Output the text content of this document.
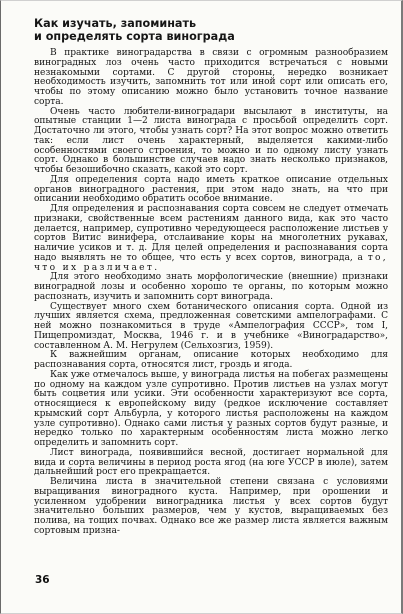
Как изучать, запоминать
и определять сорта винограда

В практике виноградарства в связи с огромным разнообразием виноградных лоз очень часто приходится встречаться с новыми незнакомыми сортами. С другой стороны, нередко возникает необходимость изучить, запомнить тот или иной сорт или описать его, чтобы по этому описанию можно было установить точное название сорта.

Очень часто любители-виноградари высылают в институты, на опытные станции 1—2 листа винограда с просьбой определить сорт. Достаточно ли этого, чтобы узнать сорт? На этот вопрос можно ответить так: если лист очень характерный, выделяется какими-либо особенностями своего строения, то можно и по одному листу узнать сорт. Однако в большинстве случаев надо знать несколько признаков, чтобы безошибочно сказать, какой это сорт.

Для определения сорта надо иметь краткое описание отдельных органов виноградного растения, при этом надо знать, на что при описании необходимо обратить особое внимание.

Для определения и распознавания сорта совсем не следует отмечать признаки, свойственные всем растениям данного вида, как это часто делается, например, супротивно чередующееся расположение листьев у сортов Витис винифера, отслаивание коры на многолетних рукавах, наличие усиков и т. д. Для целей определения и распознавания сорта надо выявлять не то общее, что есть у всех сортов, винограда, а то, что их различает.

Для этого необходимо знать морфологические (внешние) признаки виноградной лозы и особенно хорошо те органы, по которым можно распознать, изучить и запомнить сорт винограда.

Существует много схем ботанического описания сорта. Одной из лучших является схема, предложенная советскими ампелографами. С ней можно познакомиться в труде «Ампелография СССР», том I, Пищепромиздат, Москва, 1946 г. и в учебнике «Виноградарство», составленном А. М. Негрулем (Сельхозгиз, 1959).

К важнейшим органам, описание которых необходимо для распознавания сорта, относятся лист, гроздь и ягода.

Как уже отмечалось выше, у винограда листья на побегах размещены по одному на каждом узле супротивно. Против листьев на узлах могут быть соцветия или усики. Эти особенности характеризуют все сорта, относящиеся к европейскому виду (редкое исключение составляет крымский сорт Альбурла, у которого листья расположены на каждом узле супротивно). Однако сами листья у разных сортов будут разные, и нередко только по характерным особенностям листа можно легко определить и запомнить сорт.

Лист винограда, появившийся весной, достигает нормальной для вида и сорта величины в период роста ягод (на юге УССР в июле), затем дальнейший рост его прекращается.

Величина листа в значительной степени связана с условиями выращивания виноградного куста. Например, при орошении и усиленном удобрении виноградника листья у всех сортов будут значительно больших размеров, чем у кустов, выращиваемых без полива, на тощих почвах. Однако все же размер листа является важным сортовым призна-

36
